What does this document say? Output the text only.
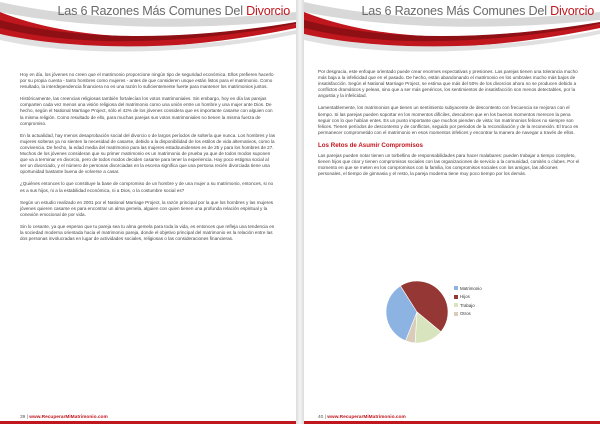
Las 6 Razones Más Comunes Del Divorcio

Hoy en día, los jóvenes no creen que el matrimonio proporcione ningún tipo de seguridad económica. Ellos prefieren hacerlo por su propia cuenta - tanto hombres como mujeres - antes de que consideren unque están listos para el matrimonio. Como resultado, la interdependencia financiera no es una razón lo suficientemente fuerte para mantener los matrimonios juntos.

Históricamente, las creencias religiosas también fortalecían los votos matrimoniales. Sin embargo, hoy en día las parejas comparten cada vez menos una visión religiosa del matrimonio como una unión entre un hombre y una mujer ante Dios. De hecho, según el National Marriage Project, sólo el 42% de los jóvenes considera que es importante casarse con alguien con la misma religión. Como resultado de ello, para muchas parejas sus votos matrimoniales no tienen la misma fuerza de compromiso.

En la actualidad, hay menos desaprobación social del divorcio o de largos períodos de soltería que nunca. Los hombres y las mujeres solteras ya no sienten la necesidad de casarse, debido a la disponibilidad de los estilos de vida alternativos, como la convivencia. De hecho, la edad media del matrimonio para las mujeres estadounidenses es de 25 y para los hombres de 27. Muchos de los jóvenes consideran que su primer matrimonio es un matrimonio de prueba ya que de todos modos suponen que va a terminar en divorcio, pero de todos modos deciden casarse para tener la experiencia. Hay poco estigma social al ser un divorciado, y el número de personas divorciadas en la escena significa que una persona recién divorciada tiene una oportunidad bastante buena de volverse a casar.

¿Quiénes entonces lo que constituye la base de compromiso de un hombre y de una mujer a su matrimonio, entonces, si no es a sus hijos, ni a la estabilidad económica, ni a Dios, o la costumbre social es?

Según un estudio realizado en 2001 por el National Marriage Project, la razón principal por la que los hombres y las mujeres jóvenes quieren casarse es para encontrar un alma gemela, alguien con quien tienen una profunda relación espiritual y la conexión emocional de por vida.

Sin lo cesante, ya que esperan que tu pareja sea tu alma gemela para toda la vida, es entonces que refleja una tendencia en la sociedad moderna orientada hacia el matrimonio pareja, donde el objetivo principal del matrimonio es la relación entre las dos personas involucradas en lugar de actividades sociales, religiosas o las consideraciones financieras.

39 | www.RecuperarMiMatrimonio.com
Las 6 Razones Más Comunes Del Divorcio

Por desgracia, este enfoque orientado puede crear enormes expectativas y presiones. Las parejas tienen una tolerancia mucho más baja a la infelicidad que en el pasado. De hecho, están abandonando el matrimonio en los umbrales mucho más bajos de insatisfacción. Según el National Marriage Project, se estima que más del 50% de los divorcios ahora no se producen debido a conflictos dramáticos y peleas, sino que a ser más genéricos, los sentimientos de insatisfacción son menos detectables, por la angustia y la infelicidad.

Lamentablemente, los matrimonios que tienen un sentimiento subyacente de descontento con frecuencia se mejoran con el tiempo. Si las parejas pueden soportar en los momentos difíciles, descubren que en los buenos momentos merecen la pena seguir con lo que habían entes. Es un punto importante que muchos pienden de vista: los matrimonios felices no siempre son felices. Tienen períodos de descontento y de conflictos, seguido por periodos de la reconciliación y de la reconexión. El truco es permanecer comprometido con el matrimonio en esos momentos infelices y encontrar la manera de navegar a través de ellos.

Los Retos de Asumir Compromisos

Las parejas pueden notar tienen un torbellino de responsabilidades para hacer malabares: pueden trabajar a tiempo completo, tienen hijos que criar y tienen compromisos sociales con las organizaciones de servicio a la comunidad, comités o clubes. Por el momento en que se meten en los compromisos con la familia, los compromisos sociales con los amigos, las aficiones personales, el tiempo de gimnasia y el resto, la pareja moderna tiene muy poco tiempo por los demás.

Matrimonio
Hijos
Trabajo
Otros
40 | www.RecuperarMiMatrimonio.com
